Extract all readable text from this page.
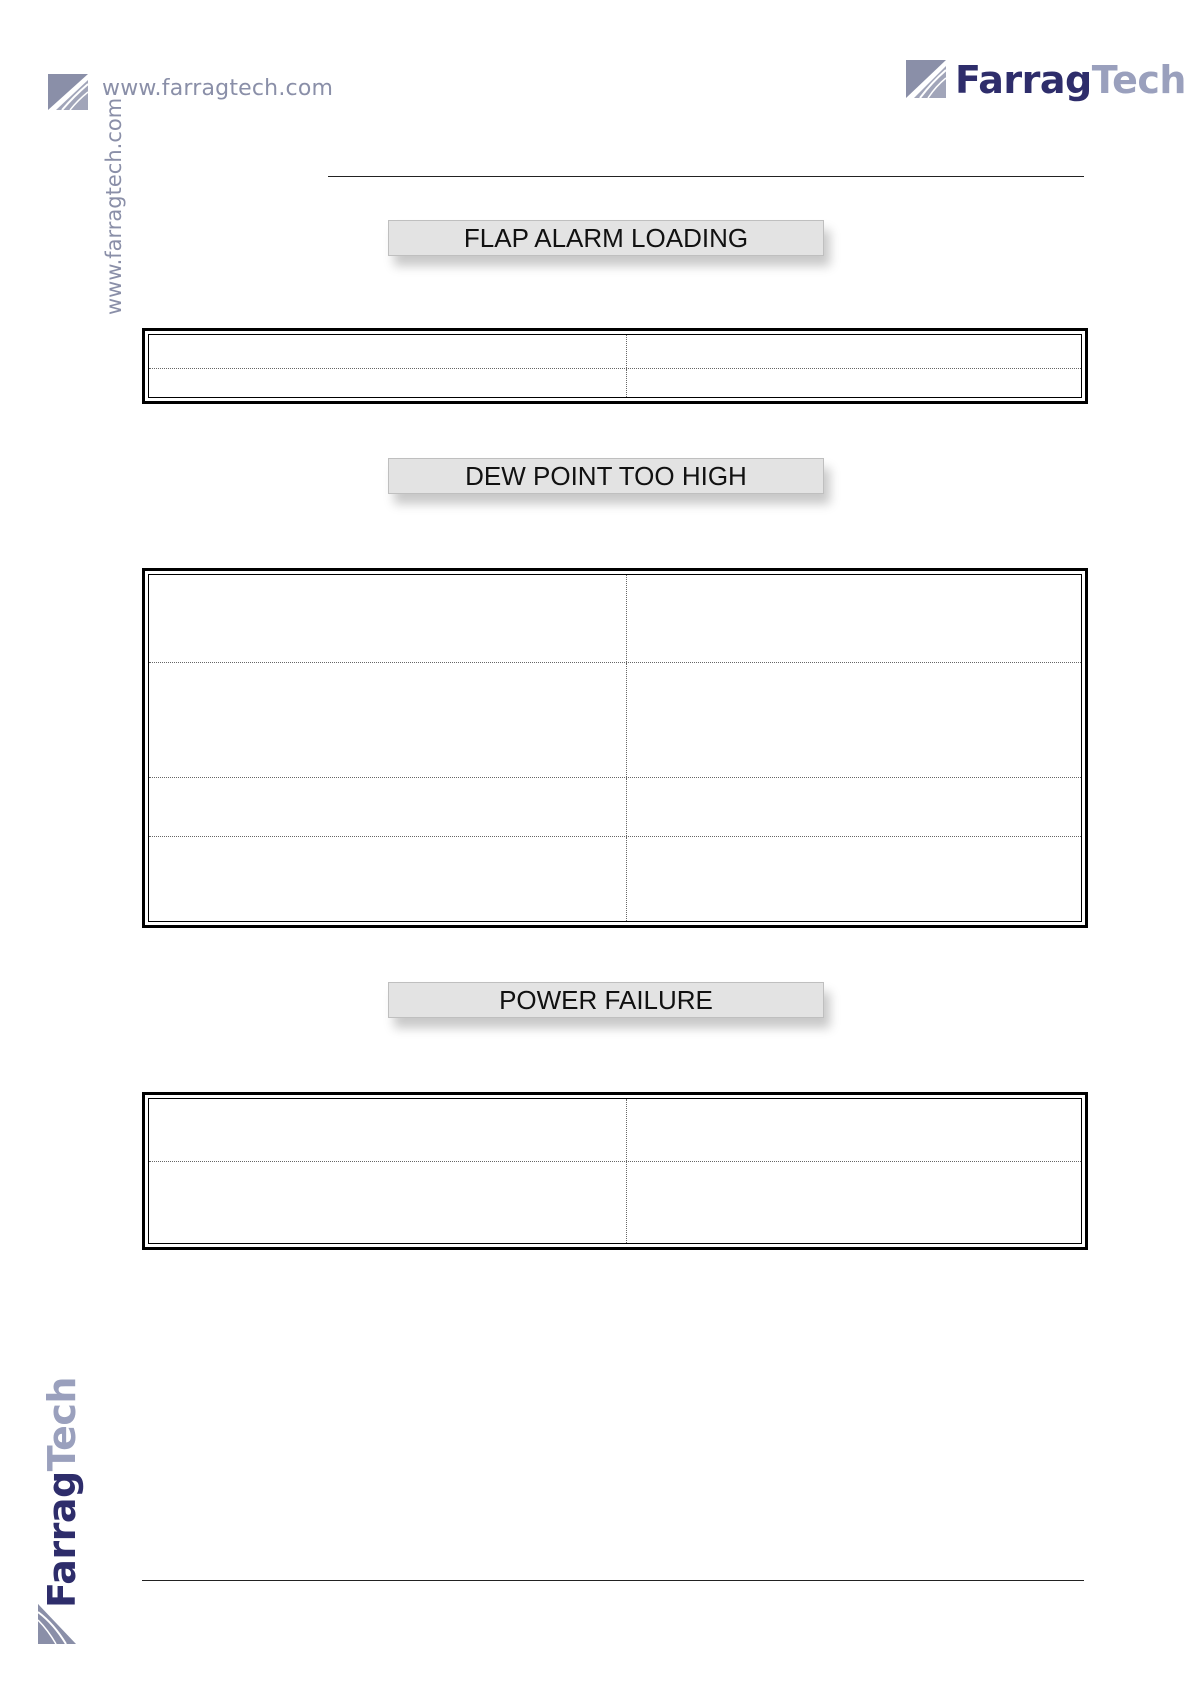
www.farragtech.com	FarragTech
www.farragtech.com
FarragTech
FLAP ALARM LOADING
DEW POINT TOO HIGH
POWER FAILURE
